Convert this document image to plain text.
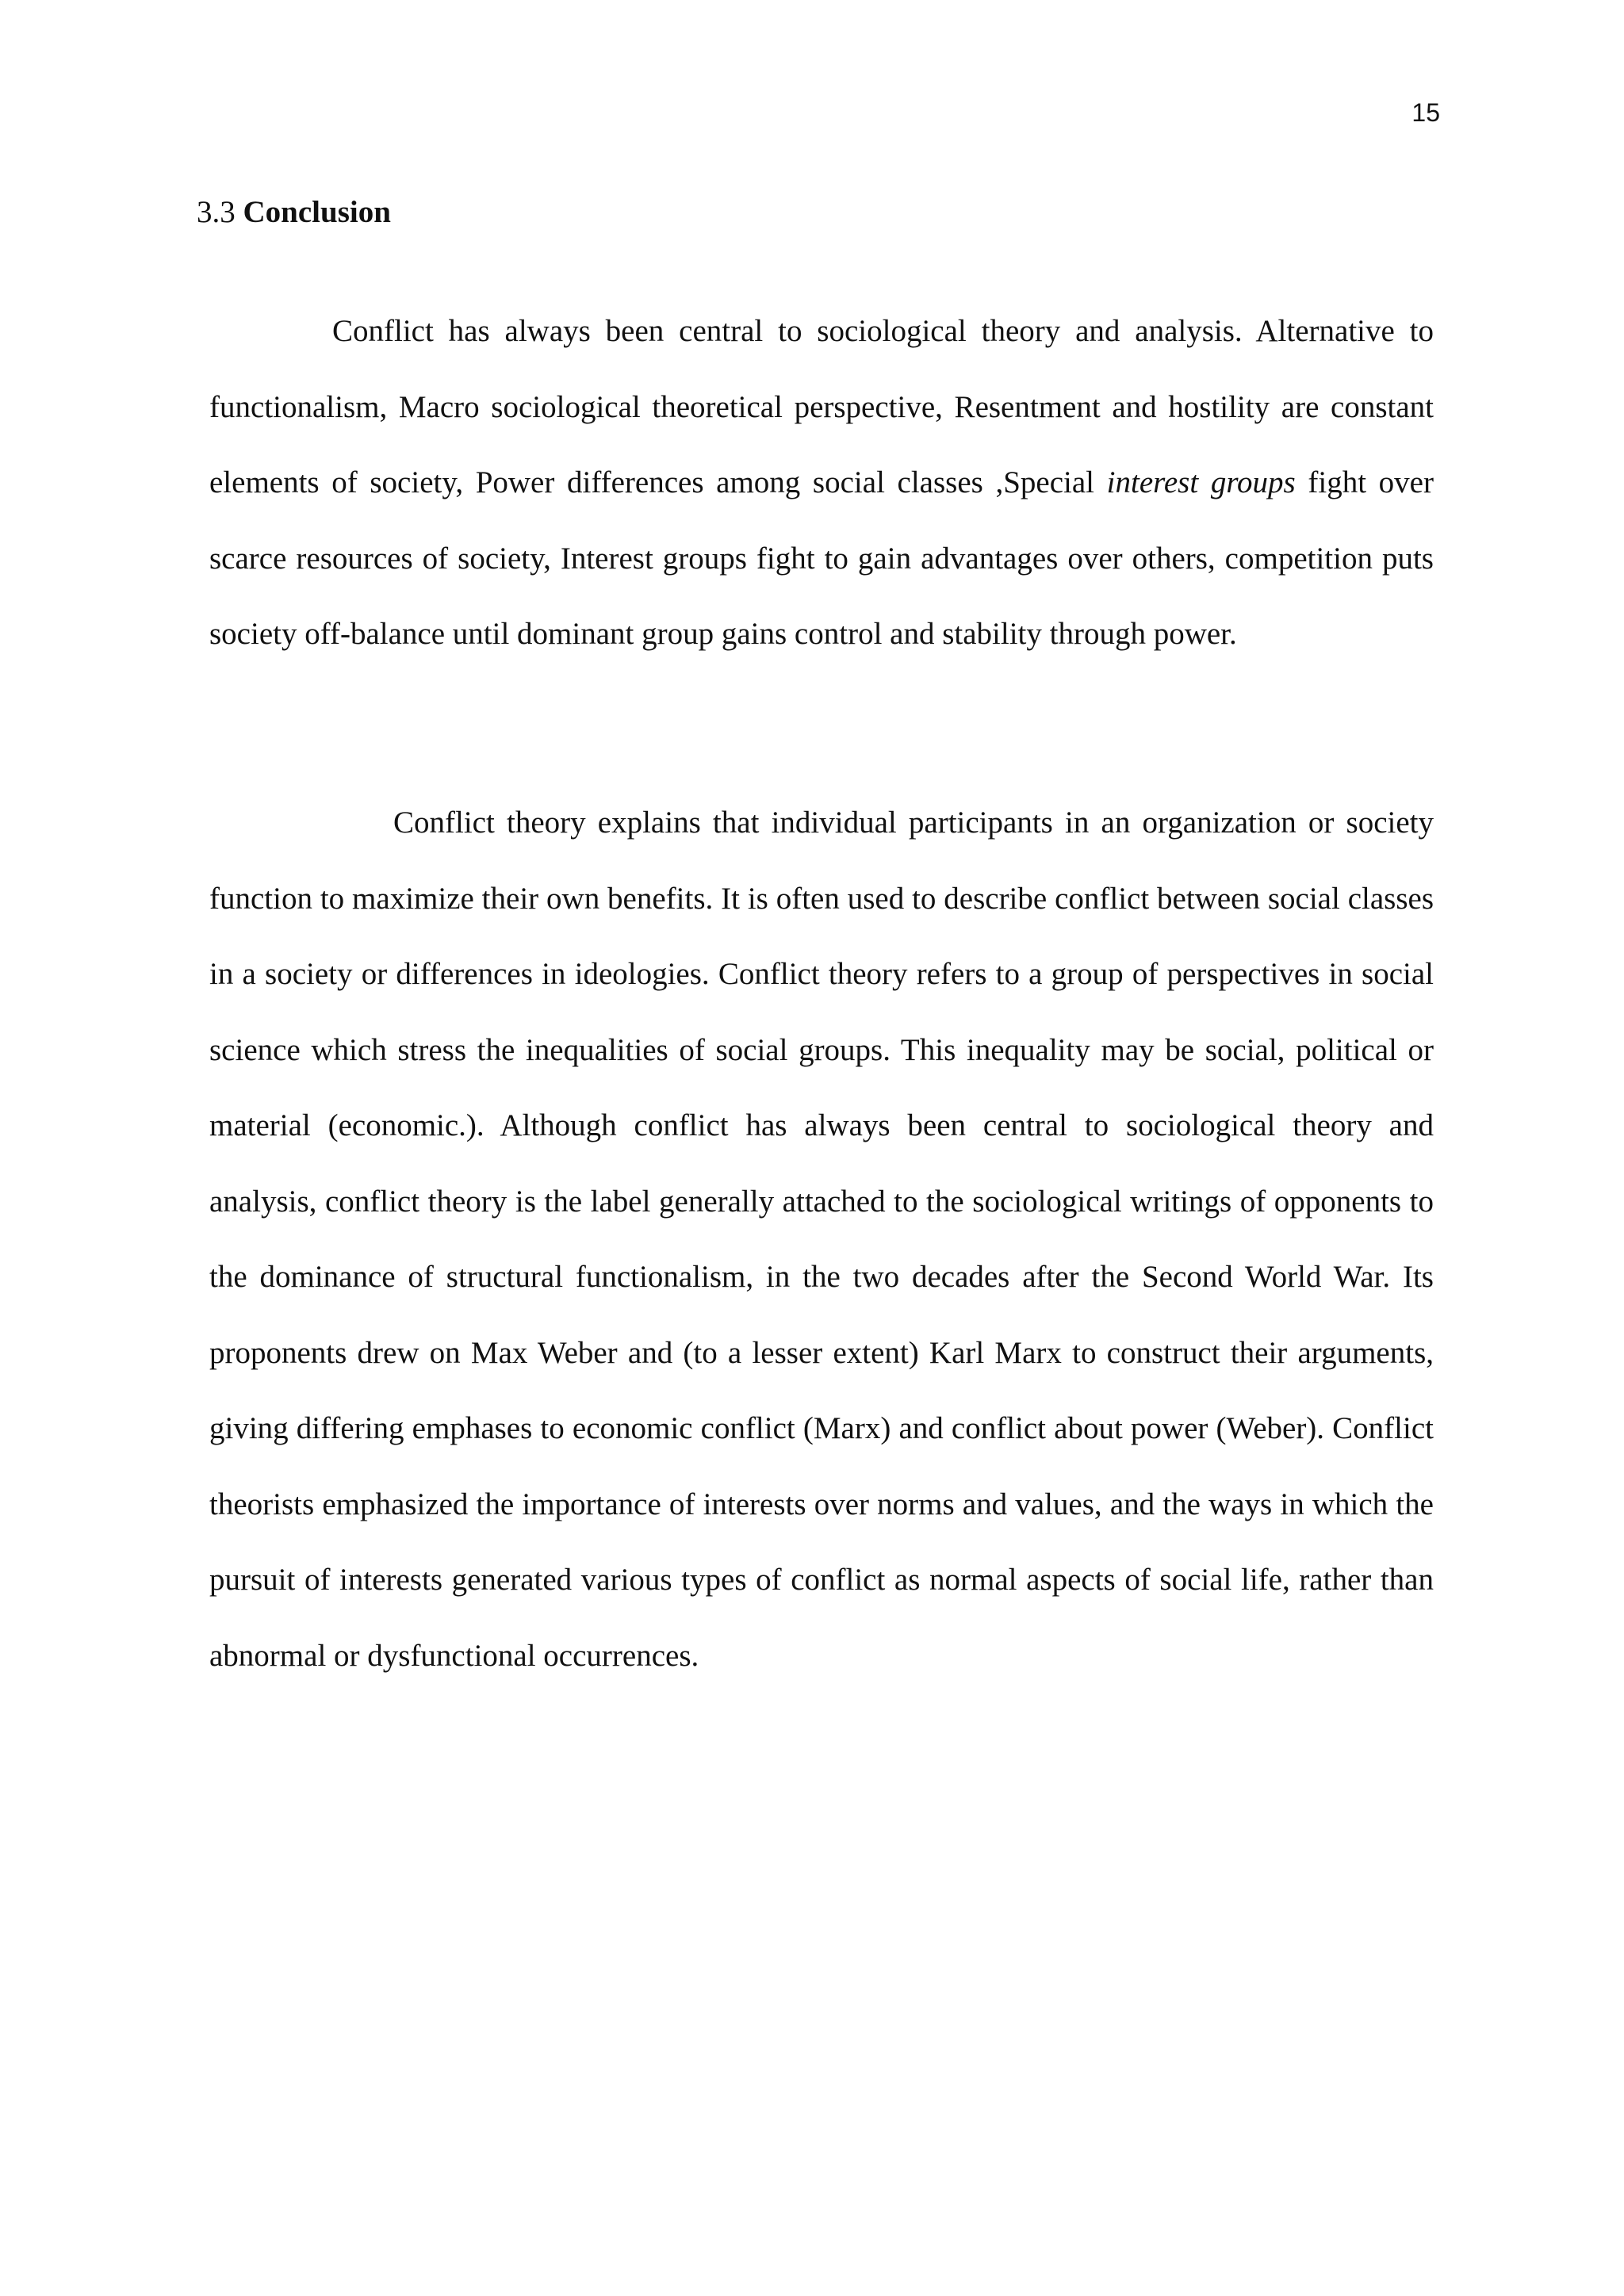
15
3.3 Conclusion

Conflict has always been central to sociological theory and analysis. Alternative to functionalism, Macro sociological theoretical perspective, Resentment and hostility are constant elements of society, Power differences among social classes ,Special interest groups fight over scarce resources of society, Interest groups fight to gain advantages over others, competition puts society off-balance until dominant group gains control and stability through power.

Conflict theory explains that individual participants in an organization or society function to maximize their own benefits. It is often used to describe conflict between social classes in a society or differences in ideologies. Conflict theory refers to a group of perspectives in social science which stress the inequalities of social groups. This inequality may be social, political or material (economic.). Although conflict has always been central to sociological theory and analysis, conflict theory is the label generally attached to the sociological writings of opponents to the dominance of structural functionalism, in the two decades after the Second World War. Its proponents drew on Max Weber and (to a lesser extent) Karl Marx to construct their arguments, giving differing emphases to economic conflict (Marx) and conflict about power (Weber). Conflict theorists emphasized the importance of interests over norms and values, and the ways in which the pursuit of interests generated various types of conflict as normal aspects of social life, rather than abnormal or dysfunctional occurrences.
